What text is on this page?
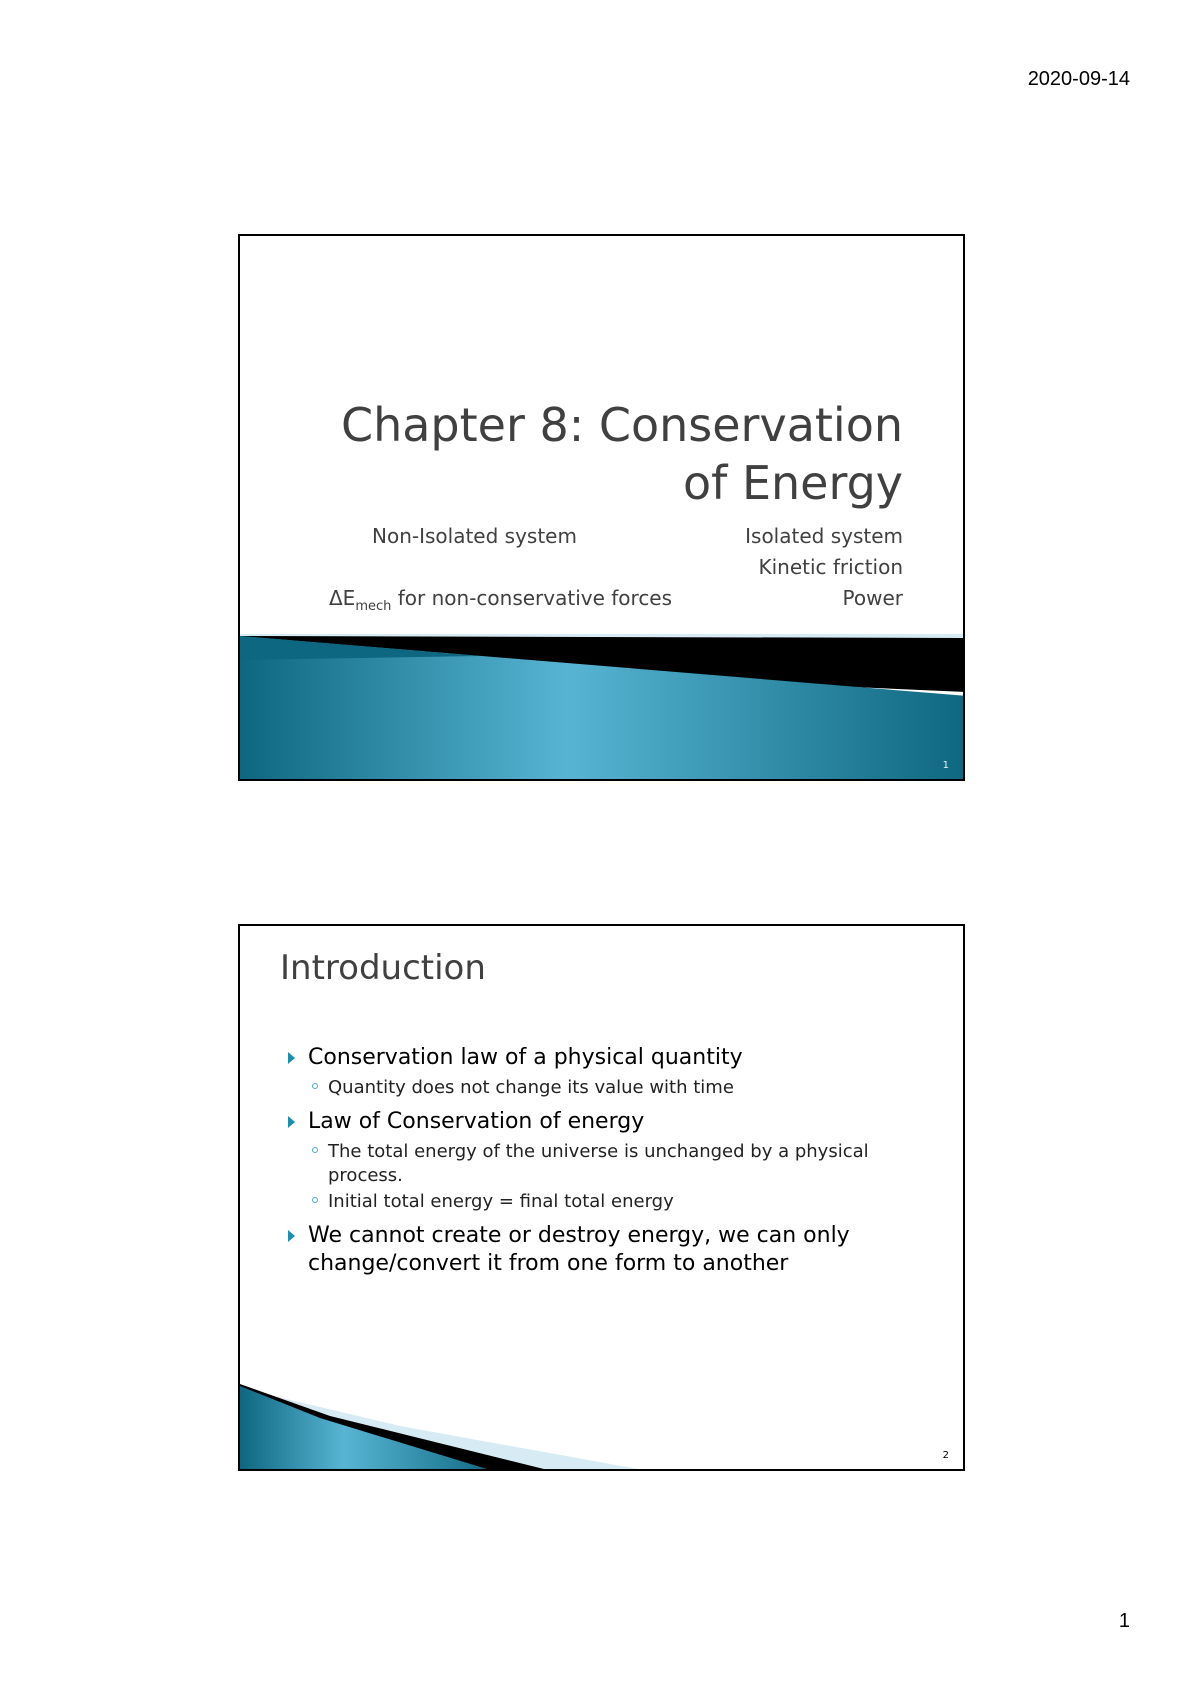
2020-09-14
Chapter 8: Conservation
of Energy
Non-Isolated system
$\Delta E_{mech}$ for non-conservative forces
Isolated system
Kinetic friction
Power
1
Introduction
Conservation law of a physical quantity
Quantity does not change its value with time
Law of Conservation of energy
The total energy of the universe is unchanged by a physical process.
Initial total energy = final total energy
We cannot create or destroy energy, we can only change/convert it from one form to another
2
1
